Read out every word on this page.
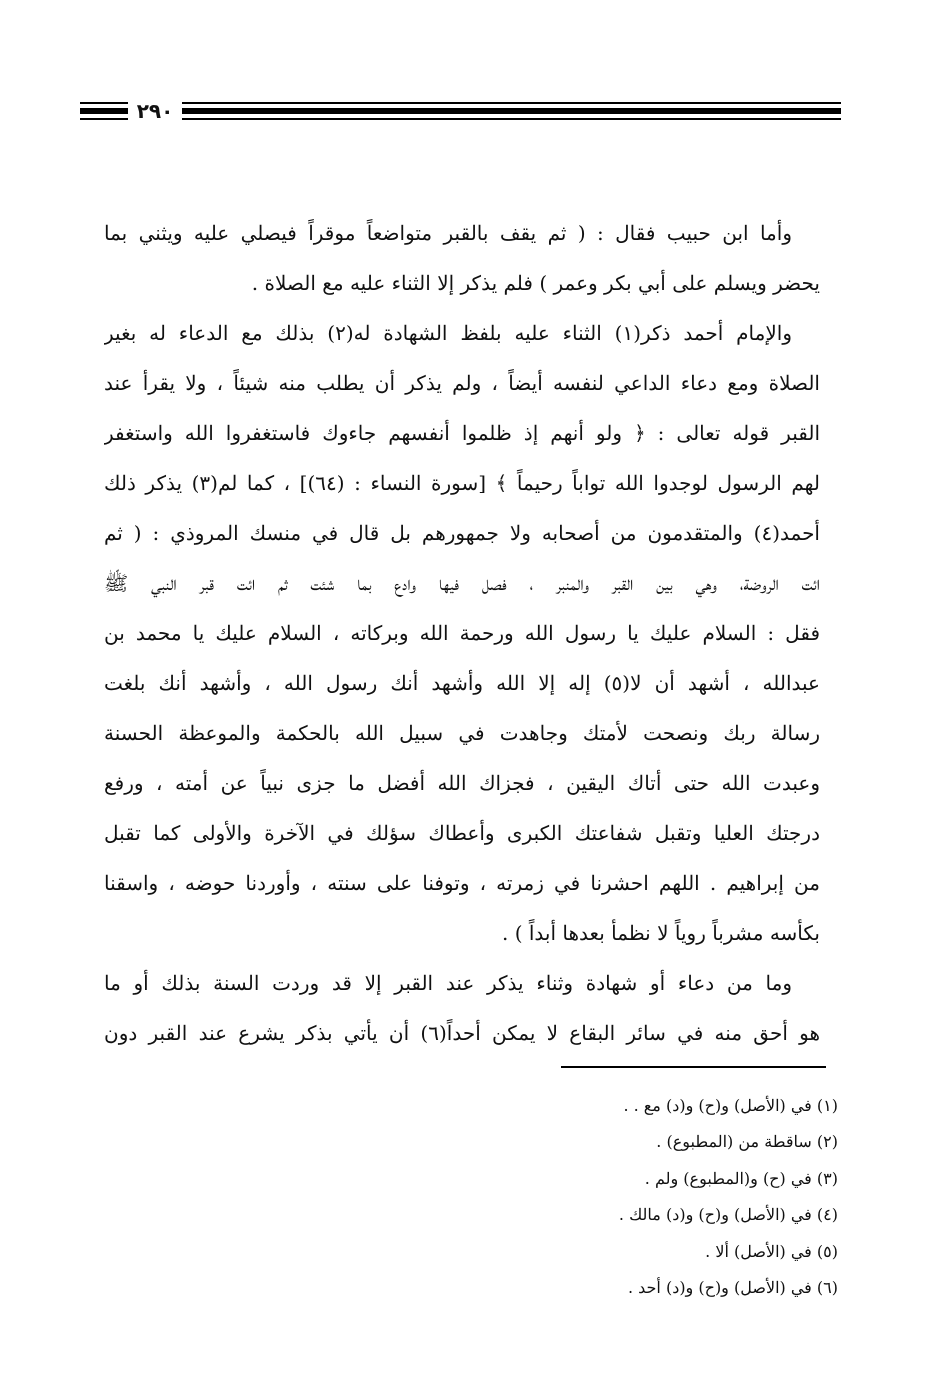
٢٩٠
وأما ابن حبيب فقال : ( ثم يقف بالقبر متواضعاً موقراً فيصلي عليه ويثني بما
يحضر ويسلم على أبي بكر وعمر ) فلم يذكر إلا الثناء عليه مع الصلاة .
والإمام أحمد ذكر(١) الثناء عليه بلفظ الشهادة له(٢) بذلك مع الدعاء له بغير
الصلاة ومع دعاء الداعي لنفسه أيضاً ، ولم يذكر أن يطلب منه شيئاً ، ولا يقرأ عند
القبر قوله تعالى : ﴿ ولو أنهم إذ ظلموا أنفسهم جاءوك فاستغفروا الله واستغفر
لهم الرسول لوجدوا الله تواباً رحيماً ﴾ [سورة النساء : (٦٤)] ، كما لم(٣) يذكر ذلك
أحمد(٤) والمتقدمون من أصحابه ولا جمهورهم بل قال في منسك المروذي : ( ثم
ائت الروضة، وهي بين القبر والمنبر ، فصل فيها وادع بما شئت ثم ائت قبر النبي ﷺ
فقل : السلام عليك يا رسول الله ورحمة الله وبركاته ، السلام عليك يا محمد بن
عبدالله ، أشهد أن لا(٥) إله إلا الله وأشهد أنك رسول الله ، وأشهد أنك بلغت
رسالة ربك ونصحت لأمتك وجاهدت في سبيل الله بالحكمة والموعظة الحسنة
وعبدت الله حتى أتاك اليقين ، فجزاك الله أفضل ما جزى نبياً عن أمته ، ورفع
درجتك العليا وتقبل شفاعتك الكبرى وأعطاك سؤلك في الآخرة والأولى كما تقبل
من إبراهيم . اللهم احشرنا في زمرته ، وتوفنا على سنته ، وأوردنا حوضه ، واسقنا
بكأسه مشرباً روياً لا نظمأ بعدها أبداً ) .
وما من دعاء أو شهادة وثناء يذكر عند القبر إلا قد وردت السنة بذلك أو ما
هو أحق منه في سائر البقاع لا يمكن أحداً(٦) أن يأتي بذكر يشرع عند القبر دون
(١) في (الأصل) و(ح) و(د) مع . .
(٢) ساقطة من (المطبوع) .
(٣) في (ح) و(المطبوع) ولم .
(٤) في (الأصل) و(ح) و(د) مالك .
(٥) في (الأصل) ألا .
(٦) في (الأصل) و(ح) و(د) أحد .
